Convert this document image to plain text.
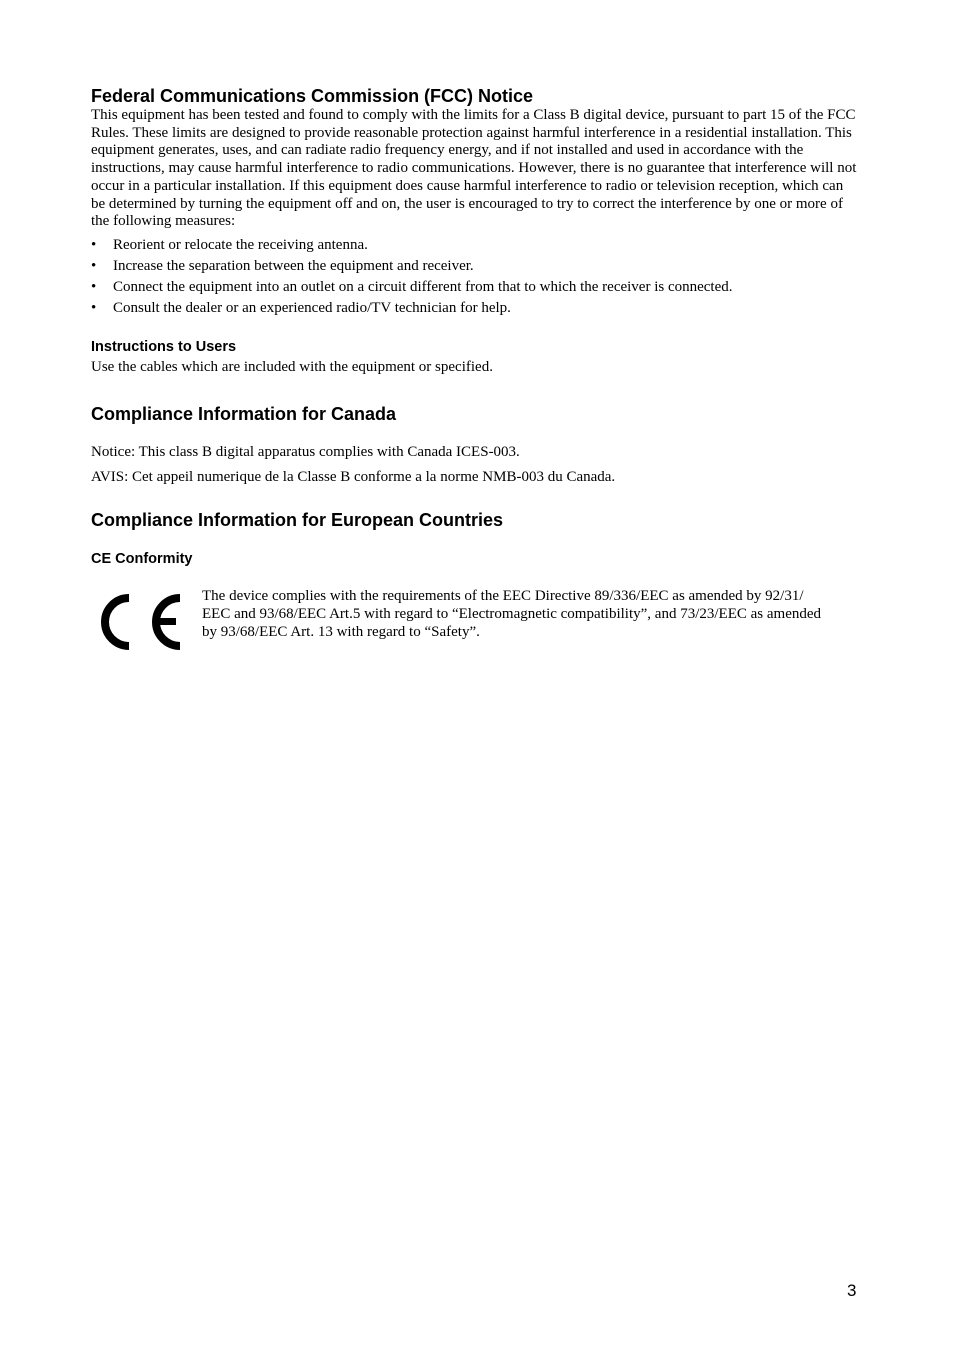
Federal Communications Commission (FCC) Notice

This equipment has been tested and found to comply with the limits for a Class B digital device, pursuant to part 15 of the FCC Rules. These limits are designed to provide reasonable protection against harmful interference in a residential installation. This equipment generates, uses, and can radiate radio frequency energy, and if not installed and used in accordance with the instructions, may cause harmful interference to radio communications. However, there is no guarantee that interference will not occur in a particular installation. If this equipment does cause harmful interference to radio or television reception, which can be determined by turning the equipment off and on, the user is encouraged to try to correct the interference by one or more of the following measures:

• Reorient or relocate the receiving antenna.
• Increase the separation between the equipment and receiver.
• Connect the equipment into an outlet on a circuit different from that to which the receiver is connected.
• Consult the dealer or an experienced radio/TV technician for help.
Instructions to Users

Use the cables which are included with the equipment or specified.

Compliance Information for Canada

Notice: This class B digital apparatus complies with Canada ICES-003.

AVIS: Cet appeil numerique de la Classe B conforme a la norme NMB-003 du Canada.

Compliance Information for European Countries
CE Conformity
The device complies with the requirements of the EEC Directive 89/336/EEC as amended by 92/31/
EEC and 93/68/EEC Art.5 with regard to “Electromagnetic compatibility”, and 73/23/EEC as amended
by 93/68/EEC Art. 13 with regard to “Safety”.
3
